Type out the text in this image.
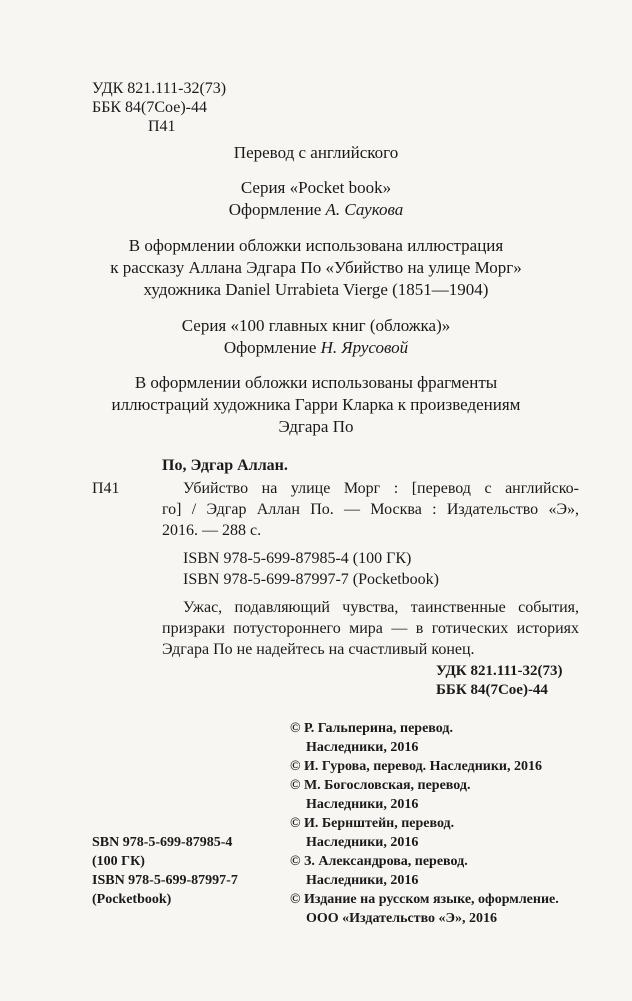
УДК 821.111-32(73)
ББК 84(7Сое)-44
П41
Перевод с английского
Серия «Pocket book»
Оформление А. Саукова
В оформлении обложки использована иллюстрация
к рассказу Аллана Эдгара По «Убийство на улице Морг»
художника Daniel Urrabieta Vierge (1851—1904)
Серия «100 главных книг (обложка)»
Оформление Н. Ярусовой
В оформлении обложки использованы фрагменты
иллюстраций художника Гарри Кларка к произведениям
Эдгара По
По, Эдгар Аллан.
П41	Убийство на улице Морг : [перевод с английско-
го] / Эдгар Аллан По. — Москва : Издательство «Э»,
2016. — 288 с.
ISBN 978-5-699-87985-4 (100 ГК)
ISBN 978-5-699-87997-7 (Pocketbook)
Ужас, подавляющий чувства, таинственные события,
призраки потустороннего мира — в готических историях
Эдгара По не надейтесь на счастливый конец.
УДК 821.111-32(73)
ББК 84(7Сое)-44
© Р. Гальперина, перевод.
Наследники, 2016
© И. Гурова, перевод. Наследники, 2016
© М. Богословская, перевод.
Наследники, 2016
© И. Бернштейн, перевод.
Наследники, 2016
© З. Александрова, перевод.
Наследники, 2016
© Издание на русском языке, оформление.
ООО «Издательство «Э», 2016
SBN 978-5-699-87985-4
(100 ГК)
ISBN 978-5-699-87997-7
(Pocketbook)
